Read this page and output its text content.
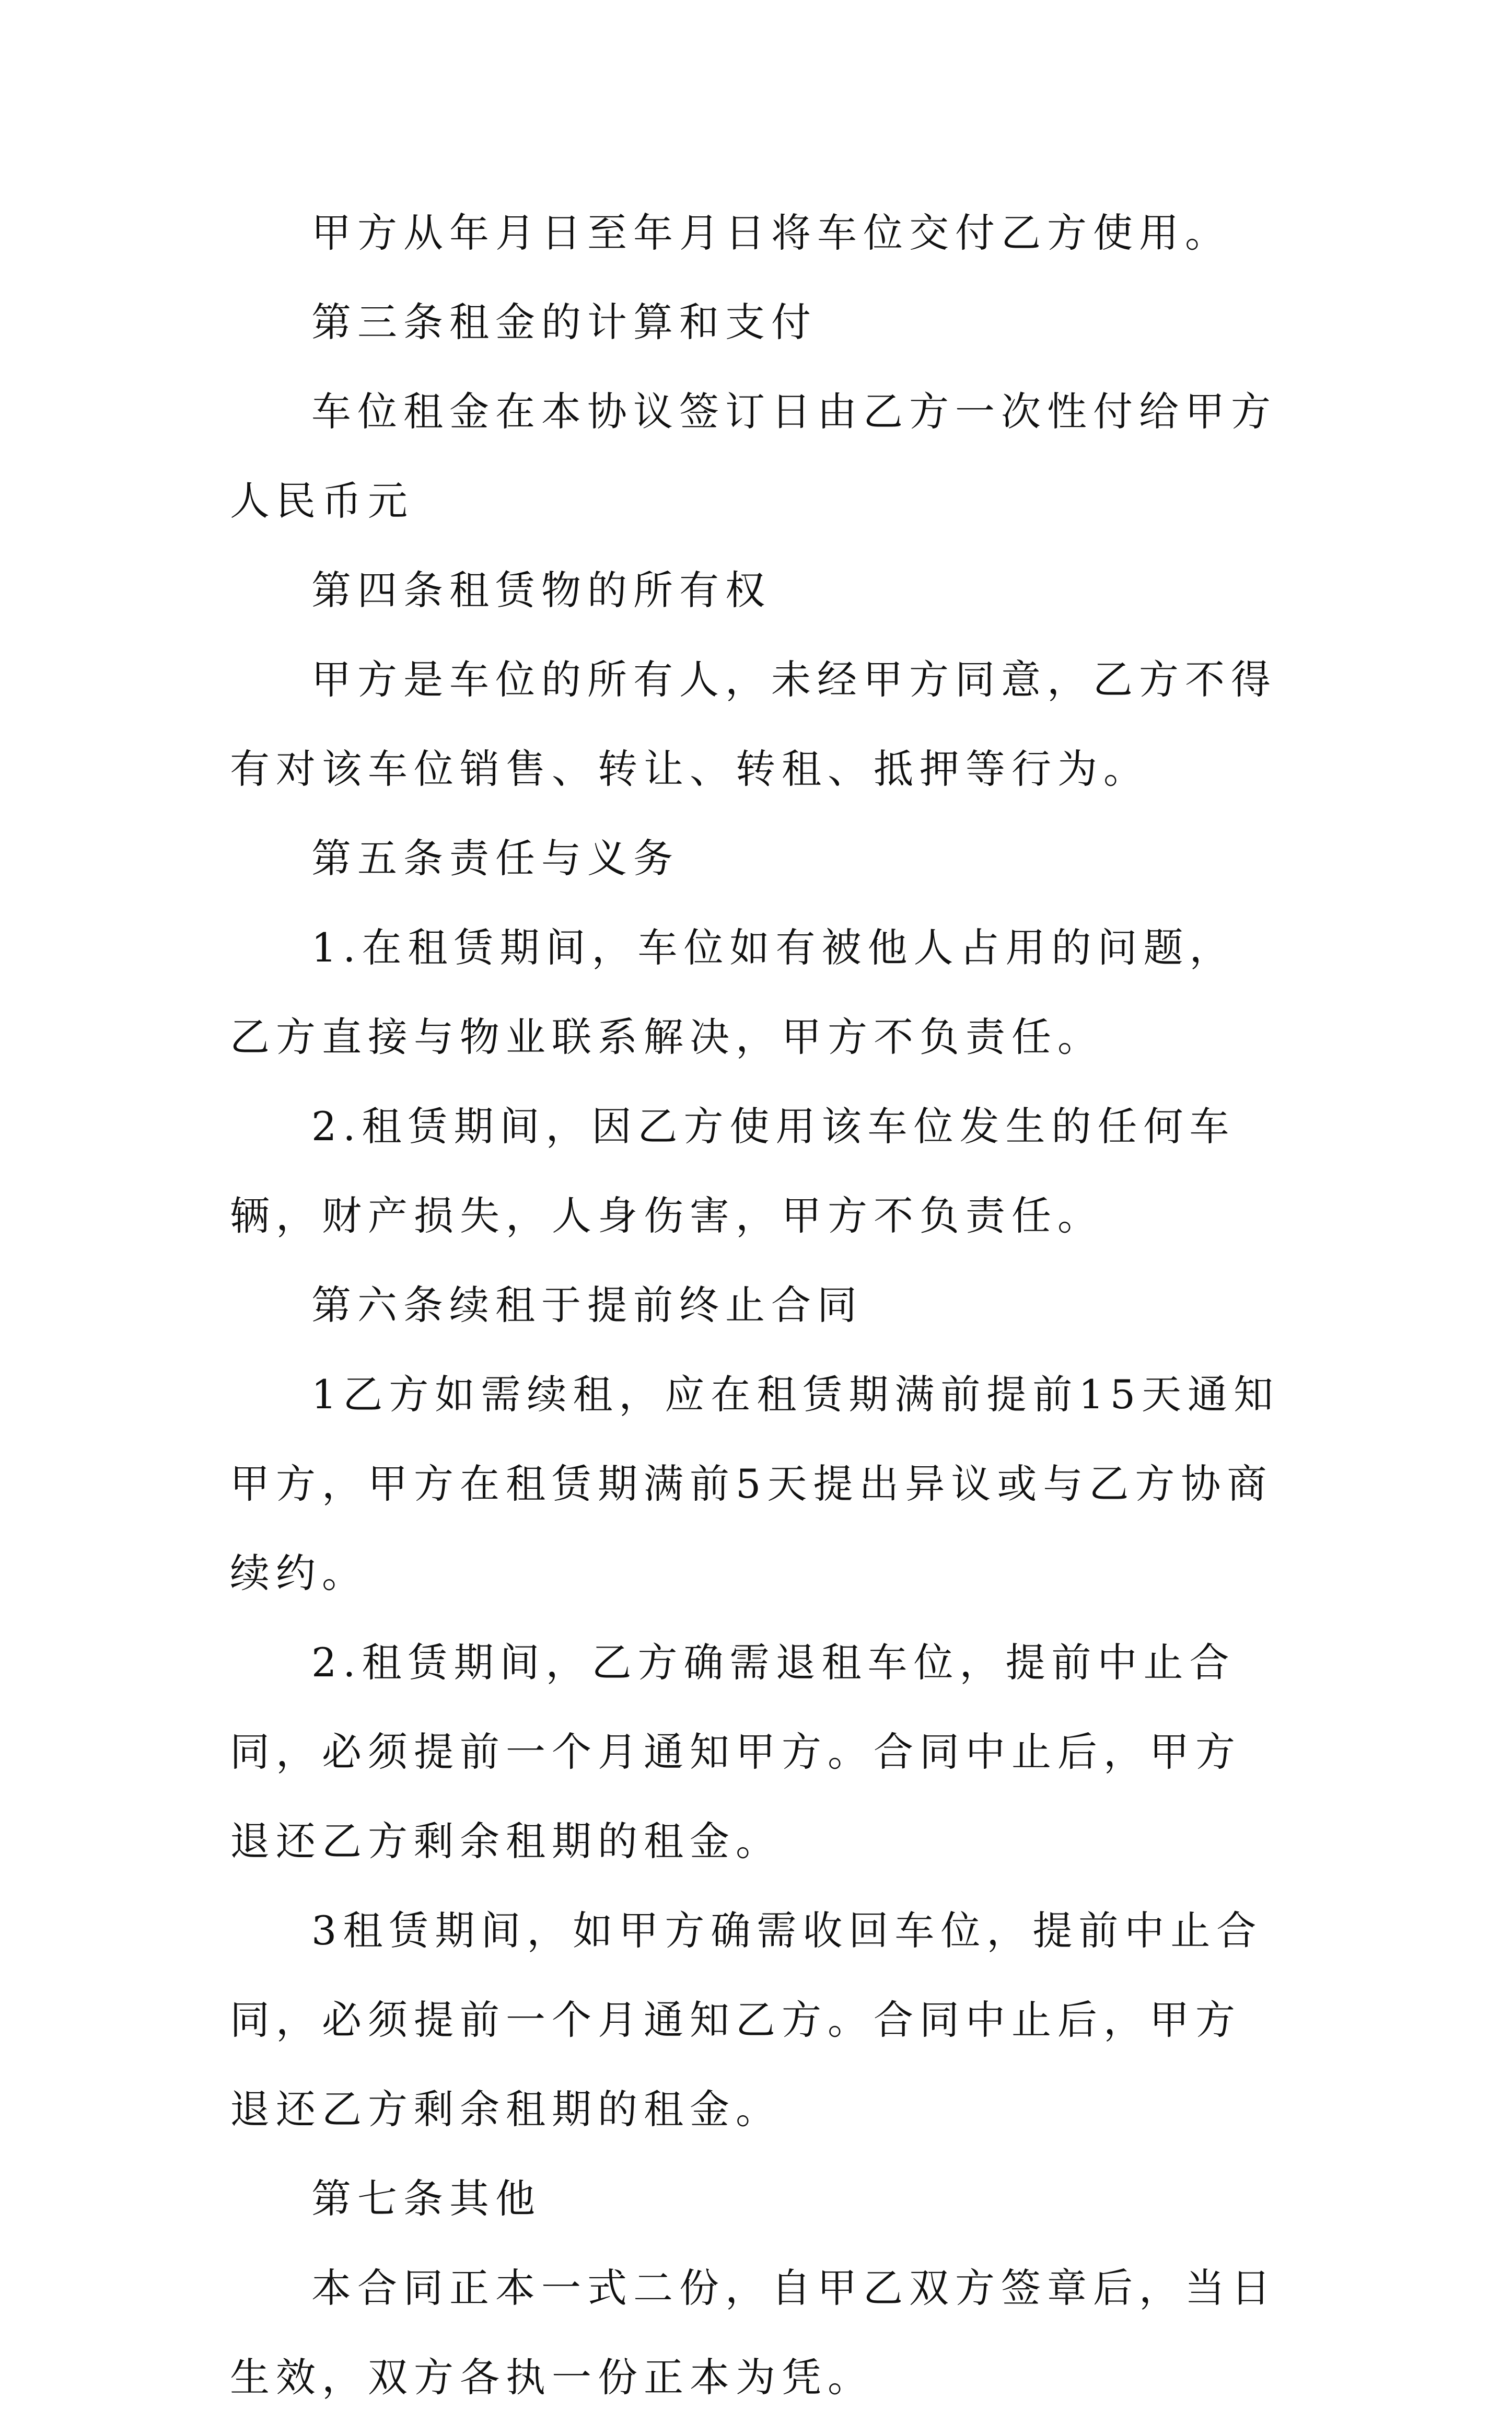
甲方从年月日至年月日将车位交付乙方使用。

第三条租金的计算和支付

车位租金在本协议签订日由乙方一次性付给甲方人民币元

第四条租赁物的所有权

甲方是车位的所有人，未经甲方同意，乙方不得有对该车位销售、转让、转租、抵押等行为。

第五条责任与义务

1.在租赁期间，车位如有被他人占用的问题，乙方直接与物业联系解决，甲方不负责任。

2.租赁期间，因乙方使用该车位发生的任何车辆，财产损失，人身伤害，甲方不负责任。

第六条续租于提前终止合同

1乙方如需续租，应在租赁期满前提前15天通知甲方，甲方在租赁期满前5天提出异议或与乙方协商续约。

2.租赁期间，乙方确需退租车位，提前中止合同，必须提前一个月通知甲方。合同中止后，甲方退还乙方剩余租期的租金。

3租赁期间，如甲方确需收回车位，提前中止合同，必须提前一个月通知乙方。合同中止后，甲方退还乙方剩余租期的租金。

第七条其他

本合同正本一式二份，自甲乙双方签章后，当日生效，双方各执一份正本为凭。
